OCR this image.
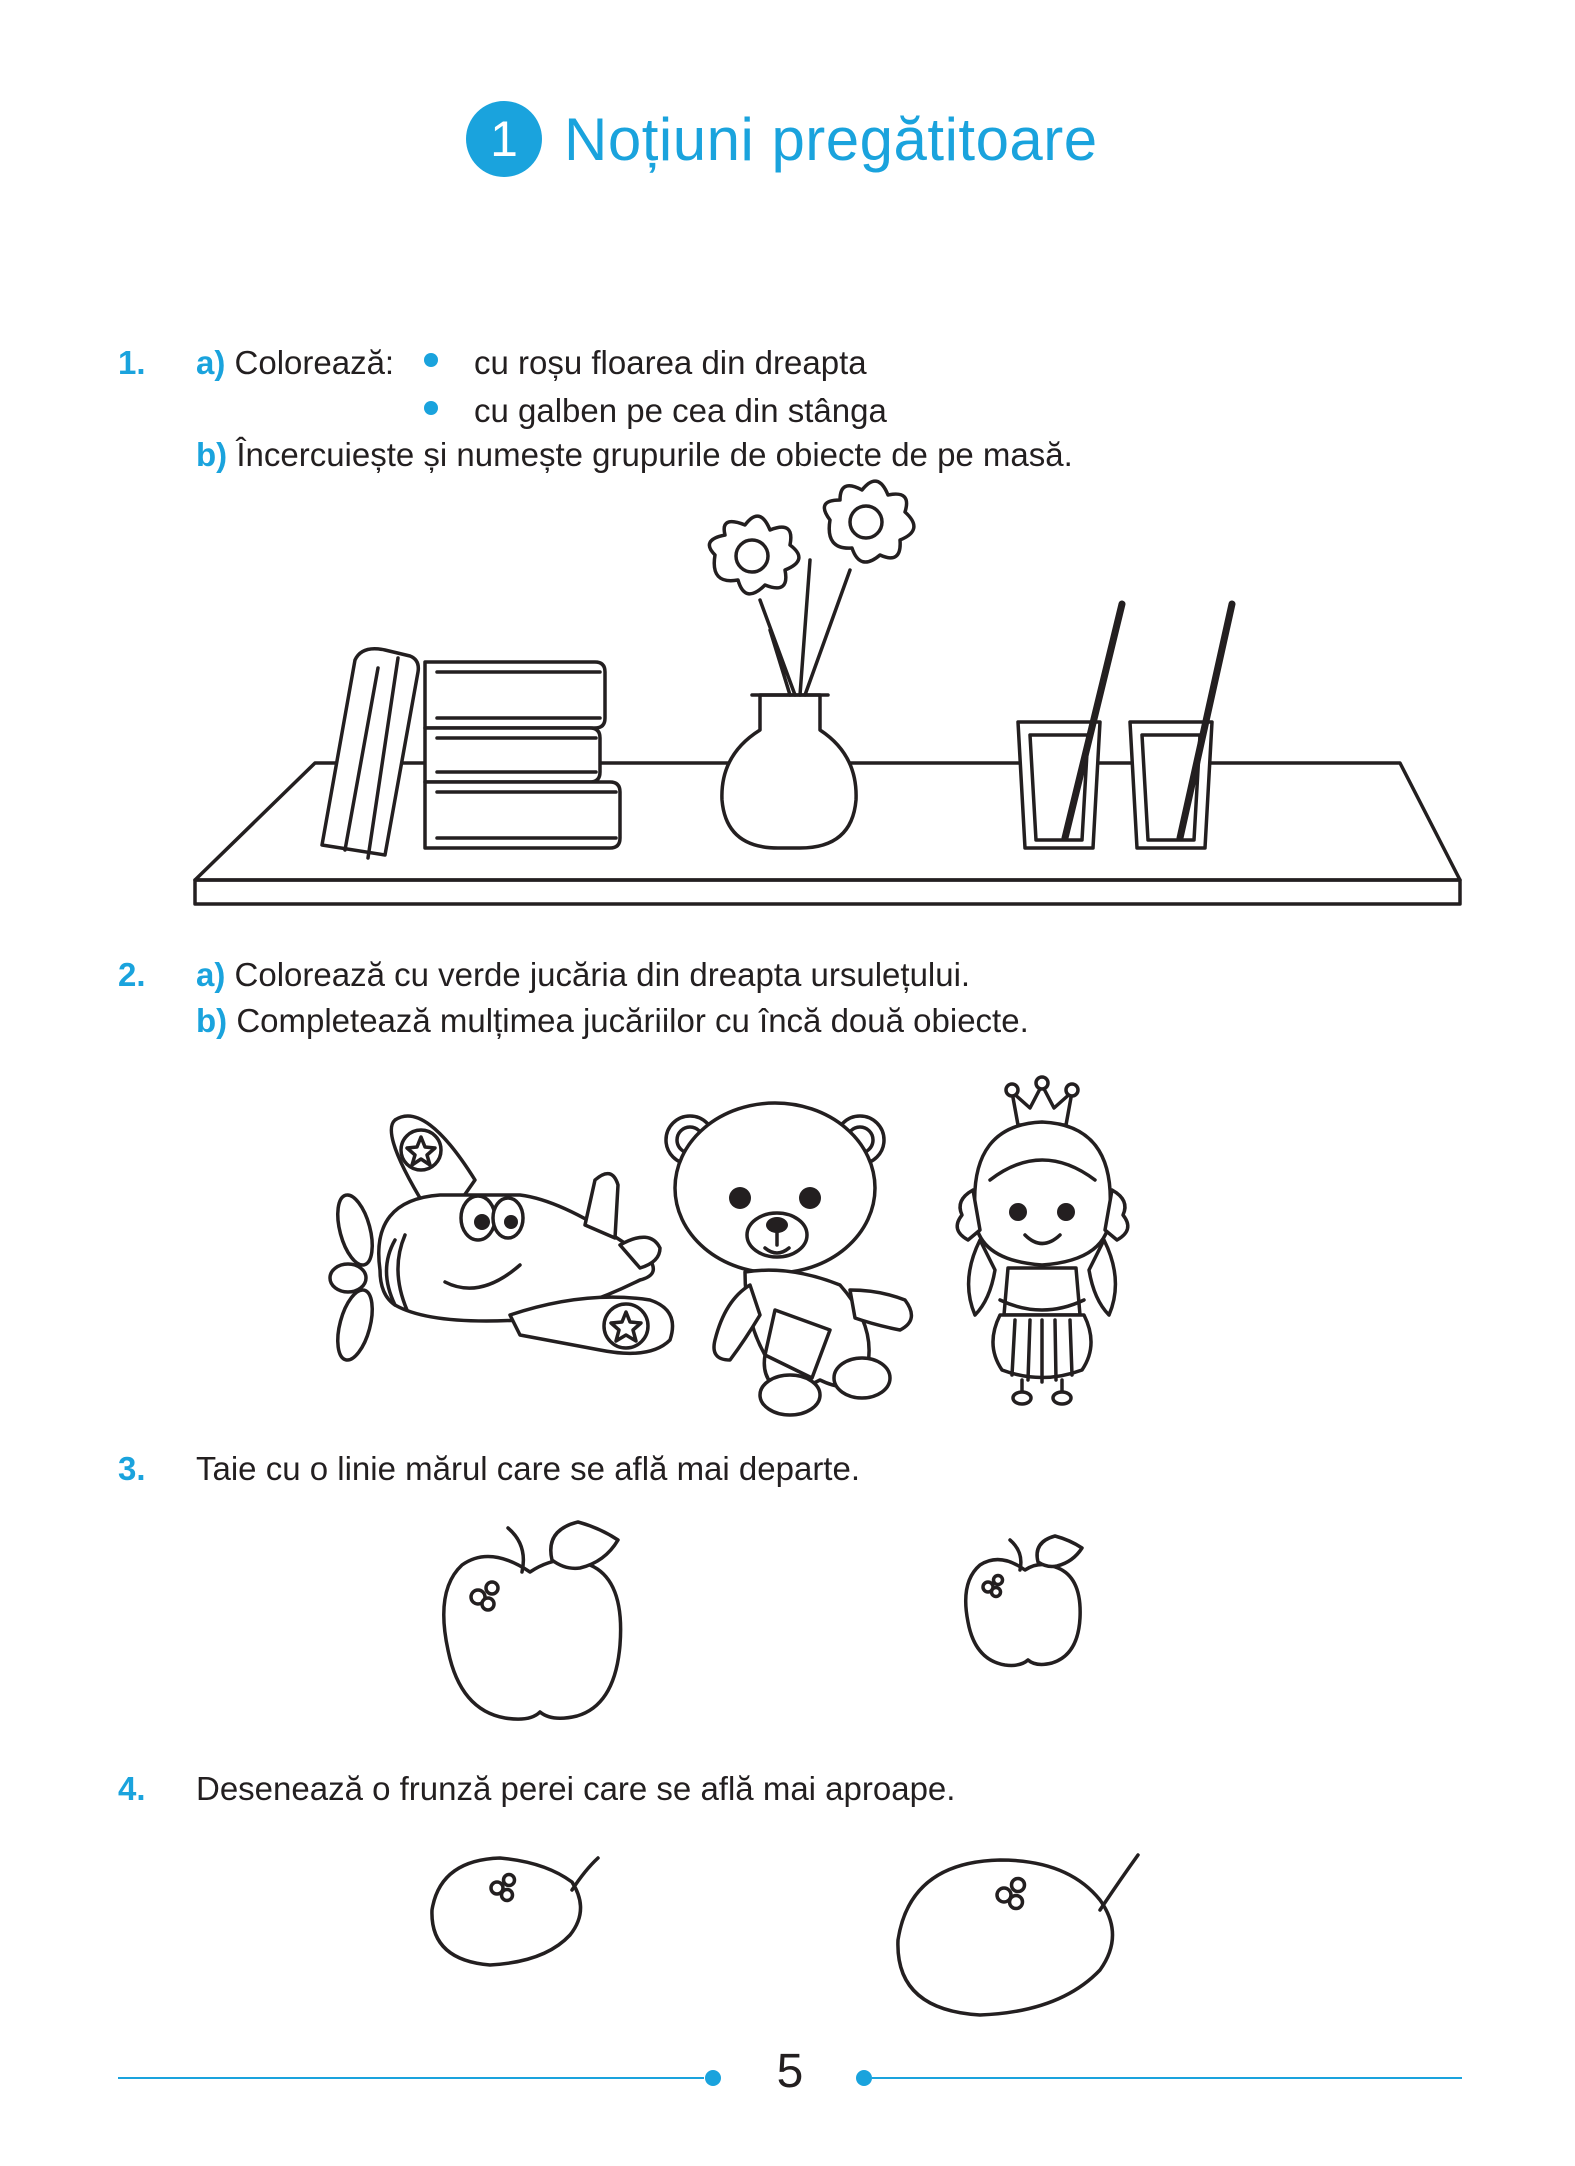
1 Noțiuni pregătitoare
1. a) Colorează: cu roșu floarea din dreapta
cu galben pe cea din stânga
b) Încercuiește și numește grupurile de obiecte de pe masă.
2. a) Colorează cu verde jucăria din dreapta ursulețului.
b) Completează mulțimea jucăriilor cu încă două obiecte.
3. Taie cu o linie mărul care se află mai departe.
4. Desenează o frunză perei care se află mai aproape.
5
